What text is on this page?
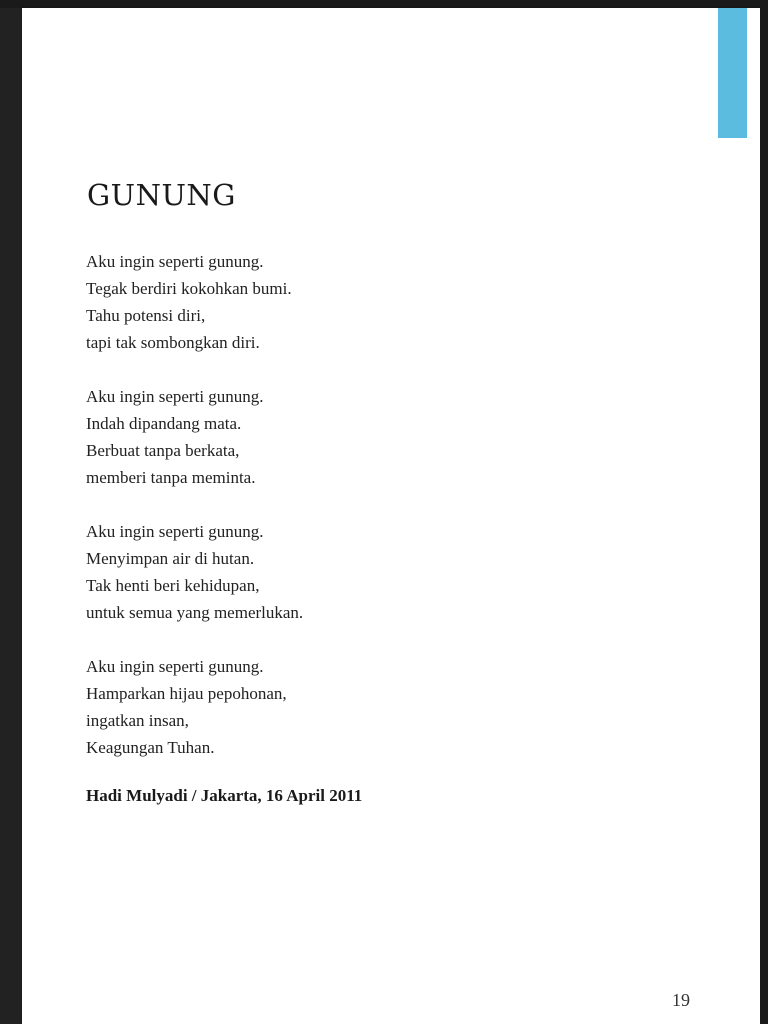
GUNUNG
Aku ingin seperti gunung.
Tegak berdiri kokohkan bumi.
Tahu potensi diri,
tapi tak sombongkan diri.
Aku ingin seperti gunung.
Indah dipandang mata.
Berbuat tanpa berkata,
memberi tanpa meminta.
Aku ingin seperti gunung.
Menyimpan air di hutan.
Tak henti beri kehidupan,
untuk semua yang memerlukan.
Aku ingin seperti gunung.
Hamparkan hijau pepohonan,
ingatkan insan,
Keagungan Tuhan.
Hadi Mulyadi / Jakarta, 16 April 2011
19
